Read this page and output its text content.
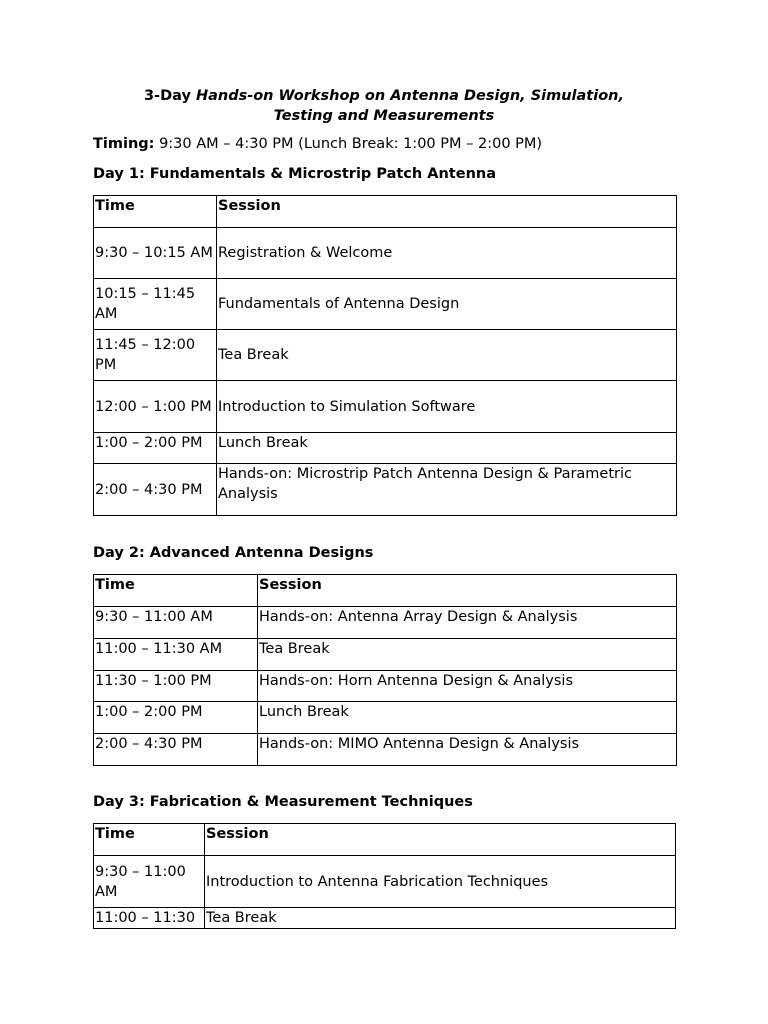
3-Day Hands-on Workshop on Antenna Design, Simulation,
Testing and Measurements
Timing: 9:30 AM – 4:30 PM (Lunch Break: 1:00 PM – 2:00 PM)
Day 1: Fundamentals & Microstrip Patch Antenna
Time	Session
9:30 – 10:15 AM	Registration & Welcome
10:15 – 11:45 AM	Fundamentals of Antenna Design
11:45 – 12:00 PM	Tea Break
12:00 – 1:00 PM	Introduction to Simulation Software
1:00 – 2:00 PM	Lunch Break
2:00 – 4:30 PM	Hands-on: Microstrip Patch Antenna Design & Parametric Analysis
Day 2: Advanced Antenna Designs
Time	Session
9:30 – 11:00 AM	Hands-on: Antenna Array Design & Analysis
11:00 – 11:30 AM	Tea Break
11:30 – 1:00 PM	Hands-on: Horn Antenna Design & Analysis
1:00 – 2:00 PM	Lunch Break
2:00 – 4:30 PM	Hands-on: MIMO Antenna Design & Analysis
Day 3: Fabrication & Measurement Techniques
Time	Session
9:30 – 11:00 AM	Introduction to Antenna Fabrication Techniques
11:00 – 11:30	Tea Break
